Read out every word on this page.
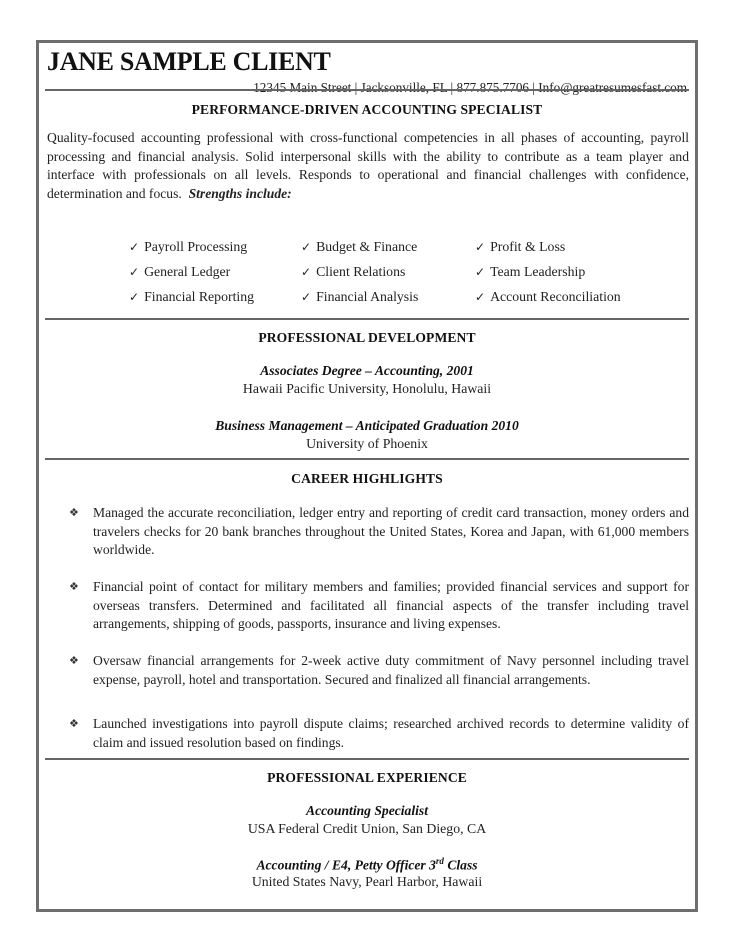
JANE SAMPLE CLIENT
12345 Main Street | Jacksonville, FL | 877.875.7706 | Info@greatresumesfast.com
PERFORMANCE-DRIVEN ACCOUNTING SPECIALIST
Quality-focused accounting professional with cross-functional competencies in all phases of accounting, payroll processing and financial analysis. Solid interpersonal skills with the ability to contribute as a team player and interface with professionals on all levels. Responds to operational and financial challenges with confidence, determination and focus. Strengths include:
✓ Payroll Processing	✓ Budget & Finance	✓ Profit & Loss
✓ General Ledger	✓ Client Relations	✓ Team Leadership
✓ Financial Reporting	✓ Financial Analysis	✓ Account Reconciliation
PROFESSIONAL DEVELOPMENT
Associates Degree – Accounting, 2001
Hawaii Pacific University, Honolulu, Hawaii
Business Management – Anticipated Graduation 2010
University of Phoenix
CAREER HIGHLIGHTS
❖ Managed the accurate reconciliation, ledger entry and reporting of credit card transaction, money orders and travelers checks for 20 bank branches throughout the United States, Korea and Japan, with 61,000 members worldwide.
❖ Financial point of contact for military members and families; provided financial services and support for overseas transfers. Determined and facilitated all financial aspects of the transfer including travel arrangements, shipping of goods, passports, insurance and living expenses.
❖ Oversaw financial arrangements for 2-week active duty commitment of Navy personnel including travel expense, payroll, hotel and transportation. Secured and finalized all financial arrangements.
❖ Launched investigations into payroll dispute claims; researched archived records to determine validity of claim and issued resolution based on findings.
PROFESSIONAL EXPERIENCE
Accounting Specialist
USA Federal Credit Union, San Diego, CA
Accounting / E4, Petty Officer 3rd Class
United States Navy, Pearl Harbor, Hawaii
